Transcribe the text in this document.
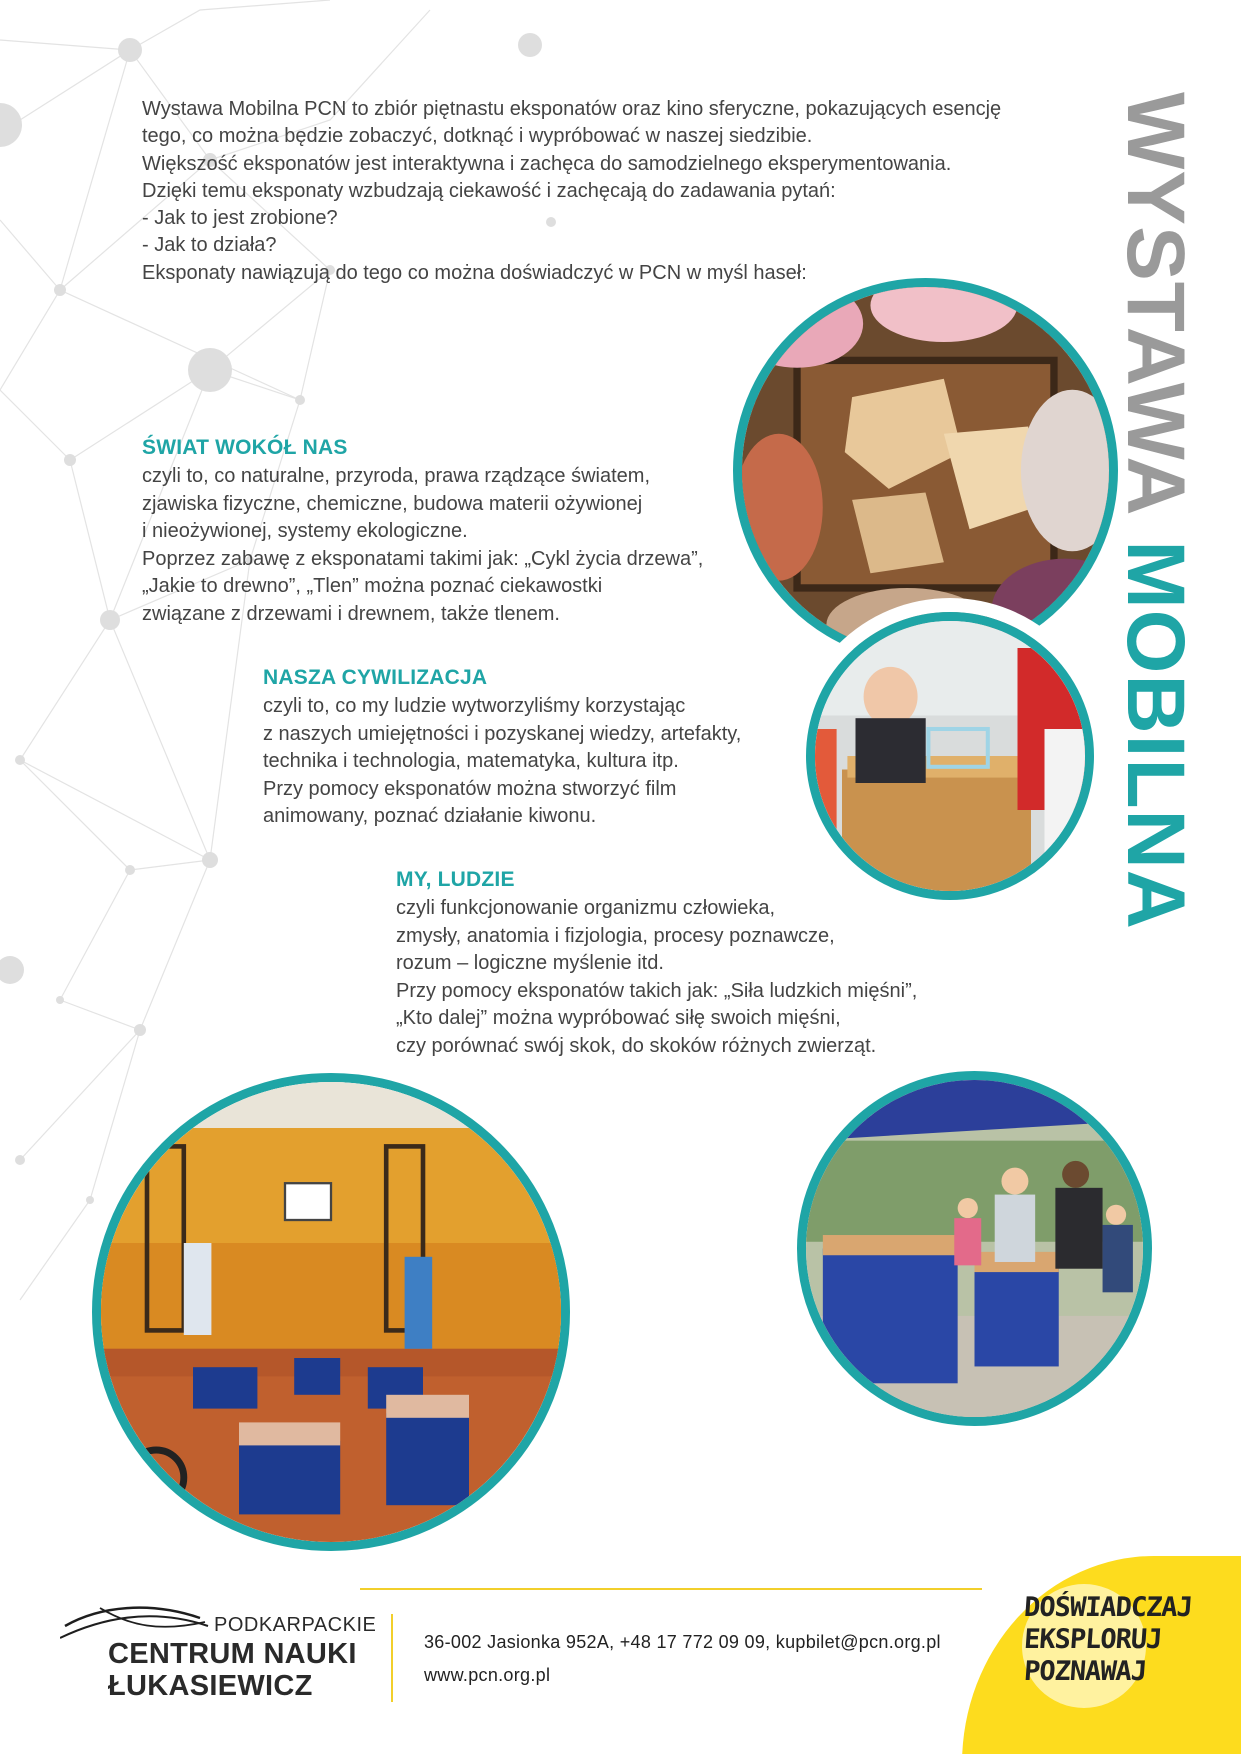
Wystawa Mobilna PCN to zbiór piętnastu eksponatów oraz kino sferyczne, pokazujących esencję

tego, co można będzie zobaczyć, dotknąć i wypróbować w naszej siedzibie.

Większość eksponatów jest interaktywna i zachęca do samodzielnego eksperymentowania.

Dzięki temu eksponaty wzbudzają ciekawość i zachęcają do zadawania pytań:

- Jak to jest zrobione?

- Jak to działa?

Eksponaty nawiązują do tego co można doświadczyć w PCN w myśl haseł:	WYSTAWA MOBILNA
ŚWIAT WOKÓŁ NAS

czyli to, co naturalne, przyroda, prawa rządzące światem,

zjawiska fizyczne, chemiczne, budowa materii ożywionej

i nieożywionej, systemy ekologiczne.

Poprzez zabawę z eksponatami takimi jak: „Cykl życia drzewa”,

„Jakie to drewno”, „Tlen” można poznać ciekawostki

związane z drzewami i drewnem, także tlenem.

NASZA CYWILIZACJA

czyli to, co my ludzie wytworzyliśmy korzystając

z naszych umiejętności i pozyskanej wiedzy, artefakty,

technika i technologia, matematyka, kultura itp.

Przy pomocy eksponatów można stworzyć film

animowany, poznać działanie kiwonu.

MY, LUDZIE

czyli funkcjonowanie organizmu człowieka,

zmysły, anatomia i fizjologia, procesy poznawcze,

rozum – logiczne myślenie itd.

Przy pomocy eksponatów takich jak: „Siła ludzkich mięśni”,

„Kto dalej” można wypróbować siłę swoich mięśni,

czy porównać swój skok, do skoków różnych zwierząt.

PODKARPACKIE
CENTRUM NAUKI
ŁUKASIEWICZ
36-002 Jasionka 952A, +48 17 772 09 09, kupbilet@pcn.org.pl
www.pcn.org.pl
DOŚWIADCZAJ
EKSPLORUJ
POZNAWAJ
